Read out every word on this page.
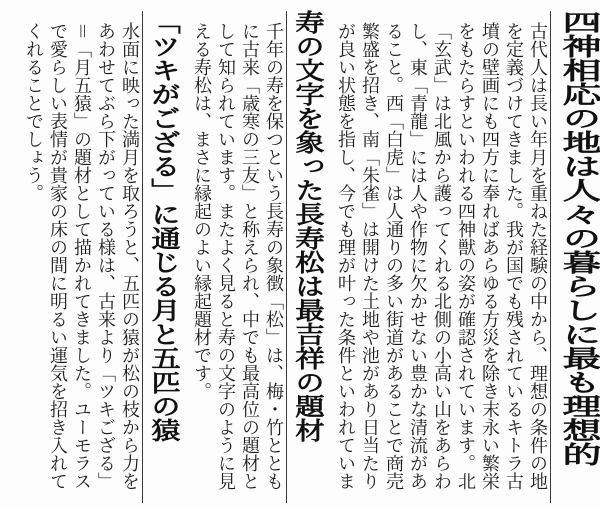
四神相応の地は人々の暮らしに最も理想的

古代人は長い年月を重ねた経験の中から、理想の条件の地

を定義づけてきました。我が国でも残されているキトラ古

墳の壁画にも四方に奉ればあらゆる方災を除き末永い繁栄

をもたらすといわれる四神獣の姿が確認されています。北

「玄武」は北風から護ってくれる北側の小高い山をあらわ

し、東「青龍」には人や作物に欠かせない豊かな清流があ

ること。西「白虎」は人通りの多い街道があることで商売

繁盛を招き、南「朱雀」は開けた土地や池があり日当たり

が良い状態を指し、今でも理が叶った条件といわれていま

寿の文字を象った長寿松は最吉祥の題材

千年の寿を保つという長寿の象徴「松」は、梅・竹ととも

に古来「歳寒の三友」と称えられ、中でも最高位の題材と

して知られています。またよく見ると寿の文字のように見

える寿松は、まさに縁起のよい縁起題材です。

「ツキがござる」に通じる月と五匹の猿

水面に映った満月を取ろうと、五匹の猿が松の枝から力を

あわせてぶら下がっている様は、古来より「ツキござる」

＝「月五猿」の題材として描かれてきました。ユーモラス

で愛らしい表情が貴家の床の間に明るい運気を招き入れて

くれることでしょう。
